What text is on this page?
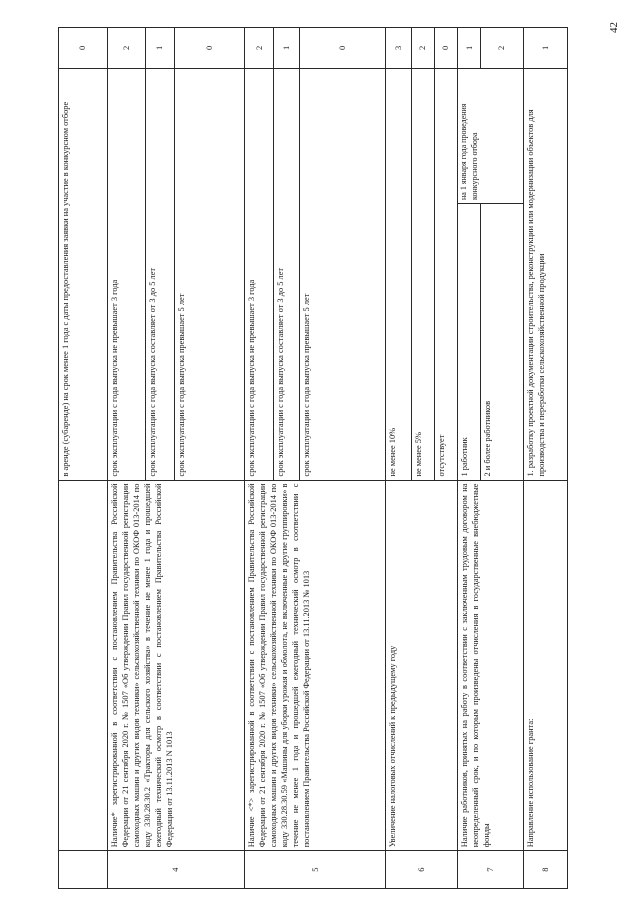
		в аренде (субаренде) на срок менее 1 года с даты предоставления заявки на участие в конкурсном отборе		0
4	Наличие* зарегистрированной в соответствии с постановлением Правительства Российской Федерации от 21 сентября 2020 г. № 1507 «Об утверждении Правил государственной регистрации самоходных машин и других видов техники» сельскохозяйственной техники по ОКОФ 013-2014 по коду 330.28.30.2 «Тракторы для сельского хозяйства» в течение не менее 1 года и прошедшей ежегодный технический осмотр в соответствии с постановлением Правительства Российской Федерации от 13.11.2013 N 1013	срок эксплуатации с года выпуска не превышает 3 года		2
		срок эксплуатации с года выпуска составляет от 3 до 5 лет		1
		срок эксплуатации с года выпуска превышает 5 лет		0
5	Наличие <*> зарегистрированной в соответствии с постановлением Правительства Российской Федерации от 21 сентября 2020 г. № 1507 «Об утверждении Правил государственной регистрации самоходных машин и других видов техники» сельскохозяйственной техники по ОКОФ 013-2014 по коду 330.28.30.59 «Машины для уборки урожая и обмолота, не включенные в другие группировки» в течение не менее 1 года и прошедшей ежегодный технический осмотр в соответствии с постановлением Правительства Российской Федерации от 13.11.2013 № 1013	срок эксплуатации с года выпуска не превышает 3 года		2
		срок эксплуатации с года выпуска составляет от 3 до 5 лет		1
		срок эксплуатации с года выпуска превышает 5 лет		0
6	Увеличение налоговых отчислений к предыдущему году	не менее 10%		3
		не менее 5%		2
		отсутствует		0
7	Наличие работников, принятых на работу в соответствии с заключенным трудовым договором на неопределенный срок, и по которым произведены отчисления в государственные внебюджетные фонды	1 работник	на 1 января года проведения конкурсного отбора	1
		2 и более работников		2
8	Направление использование гранта:	1. разработку проектной документации строительства, реконструкции или модернизации объектов для производства и переработки сельскохозяйственной продукции		1
42
